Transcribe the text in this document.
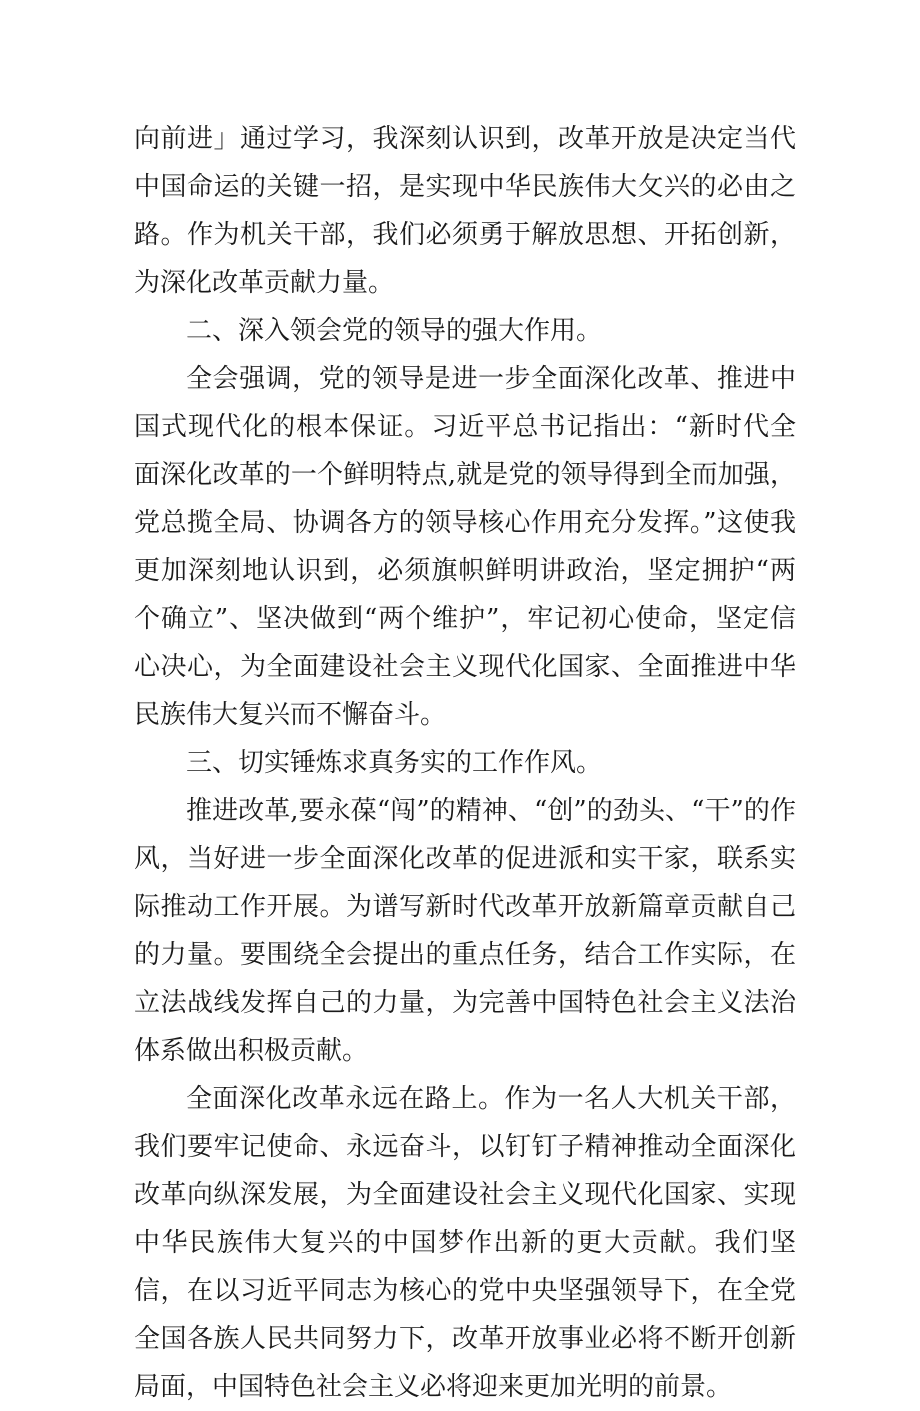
向前进」通过学习，我深刻认识到，改革开放是决定当代中国命运的关键一招，是实现中华民族伟大攵兴的必由之路。作为机关干部，我们必须勇于解放思想、开拓创新，为深化改革贡献力量。

二、深入领会党的领导的强大作用。

全会强调，党的领导是进一步全面深化改革、推进中国式现代化的根本保证。习近平总书记指出：“新时代全面深化改革的一个鲜明特点,就是党的领导得到全而加强，党总揽全局、协调各方的领导核心作用充分发挥。”这使我更加深刻地认识到，必须旗帜鲜明讲政治，坚定拥护“两个确立”、坚决做到“两个维护”，牢记初心使命，坚定信心决心，为全面建设社会主义现代化国家、全面推进中华民族伟大复兴而不懈奋斗。

三、切实锤炼求真务实的工作作风。

推进改革,要永葆“闯”的精神、“创”的劲头、“干”的作风，当好进一步全面深化改革的促进派和实干家，联系实际推动工作开展。为谱写新时代改革开放新篇章贡献自己的力量。要围绕全会提出的重点任务，结合工作实际，在立法战线发挥自己的力量，为完善中国特色社会主义法治体系做出积极贡献。

全面深化改革永远在路上。作为一名人大机关干部，我们要牢记使命、永远奋斗，以钉钉子精神推动全面深化改革向纵深发展，为全面建设社会主义现代化国家、实现中华民族伟大复兴的中国梦作出新的更大贡献。我们坚信，在以习近平同志为核心的党中央坚强领导下，在全党全国各族人民共同努力下，改革开放事业必将不断开创新局面，中国特色社会主义必将迎来更加光明的前景。
